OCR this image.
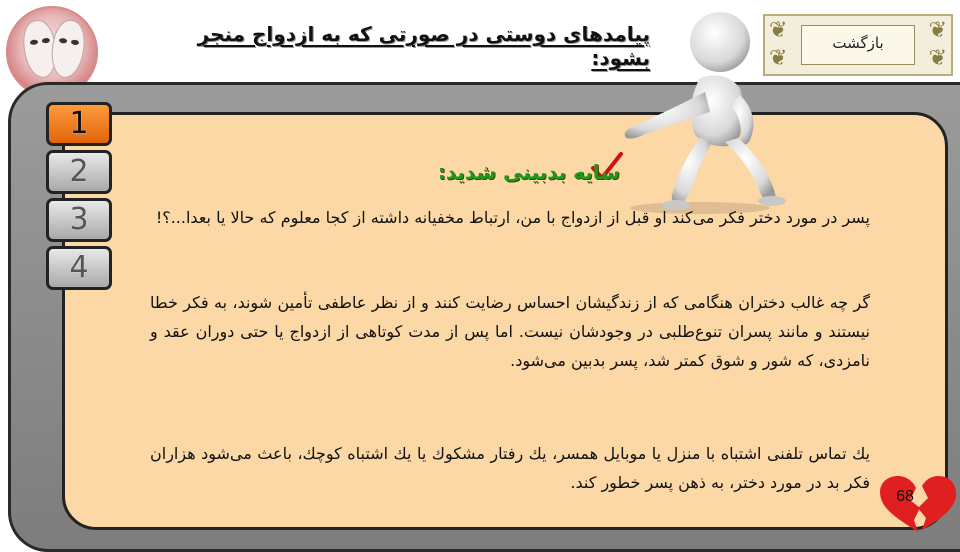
پیامدهای دوستی در صورتی که به ازدواج منجر بشود:
❦	❦
❦	❦
بازگشت
1
2
3
4
سایه بدبینی شدید:

پسر در مورد دختر فکر می‌کند او قبل از ازدواج با من، ارتباط مخفیانه داشته از کجا معلوم که حالا یا بعدا...؟!

گر چه غالب دختران هنگامی که از زندگیشان احساس رضایت کنند و از نظر عاطفی تأمین شوند، به فکر خطا نیستند و مانند پسران تنوع‌طلبی در وجودشان نیست. اما پس از مدت کوتاهی از ازدواج یا حتی دوران عقد و نامزدی، که شور و شوق کمتر شد، پسر بدبین می‌شود.

یك تماس تلفنی اشتباه با منزل یا موبایل همسر، یك رفتار مشکوك یا یك اشتباه کوچك، باعث می‌شود هزاران فکر بد در مورد دختر، به ذهن پسر خطور کند.

68
